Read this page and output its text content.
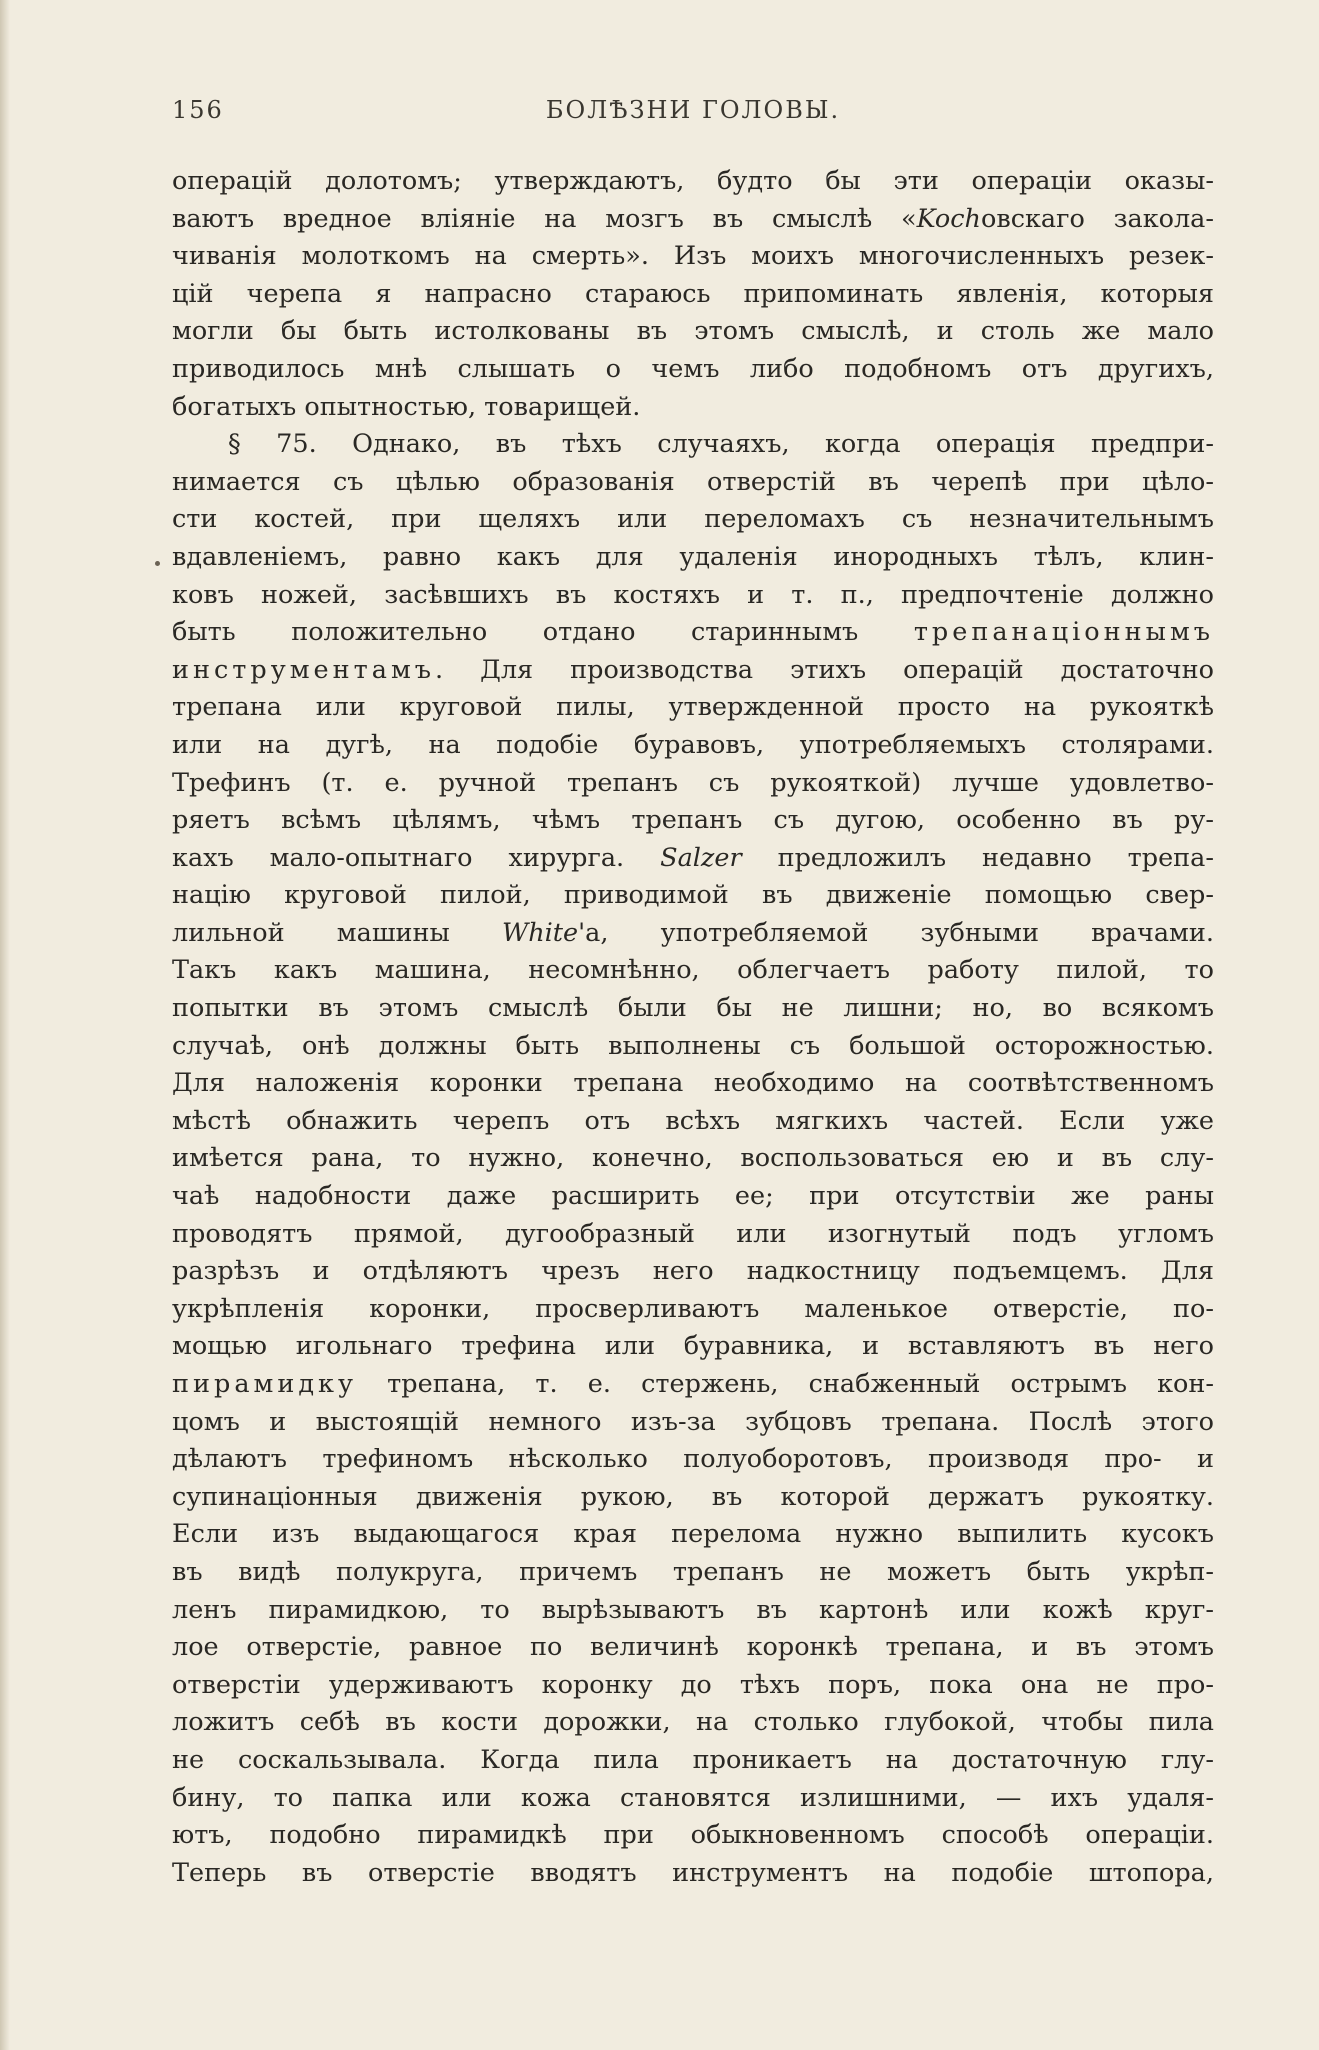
156	БОЛѢЗНИ ГОЛОВЫ.
операцій долотомъ; утверждаютъ, будто бы эти операціи оказы-
ваютъ вредное вліяніе на мозгъ въ смыслѣ «Kochовскаго закола-
чиванія молоткомъ на смерть». Изъ моихъ многочисленныхъ резек-
цій черепа я напрасно стараюсь припоминать явленія, которыя
могли бы быть истолкованы въ этомъ смыслѣ, и столь же мало
приводилось мнѣ слышать о чемъ либо подобномъ отъ другихъ,
богатыхъ опытностью, товарищей.
§ 75. Однако, въ тѣхъ случаяхъ, когда операція предпри-
нимается съ цѣлью образованія отверстій въ черепѣ при цѣло-
сти костей, при щеляхъ или переломахъ съ незначительнымъ
вдавленіемъ, равно какъ для удаленія инородныхъ тѣлъ, клин-
ковъ ножей, засѣвшихъ въ костяхъ и т. п., предпочтеніе должно
быть положительно отдано стариннымъ трепанаціоннымъ
инструментамъ. Для производства этихъ операцій достаточно
трепана или круговой пилы, утвержденной просто на рукояткѣ
или на дугѣ, на подобіе буравовъ, употребляемыхъ столярами.
Трефинъ (т. е. ручной трепанъ съ рукояткой) лучше удовлетво-
ряетъ всѣмъ цѣлямъ, чѣмъ трепанъ съ дугою, особенно въ ру-
кахъ мало-опытнаго хирурга. Salzer предложилъ недавно трепа-
націю круговой пилой, приводимой въ движеніе помощью свер-
лильной машины White'а, употребляемой зубными врачами.
Такъ какъ машина, несомнѣнно, облегчаетъ работу пилой, то
попытки въ этомъ смыслѣ были бы не лишни; но, во всякомъ
случаѣ, онѣ должны быть выполнены съ большой осторожностью.
Для наложенія коронки трепана необходимо на соотвѣтственномъ
мѣстѣ обнажить черепъ отъ всѣхъ мягкихъ частей. Если уже
имѣется рана, то нужно, конечно, воспользоваться ею и въ слу-
чаѣ надобности даже расширить ее; при отсутствіи же раны
проводятъ прямой, дугообразный или изогнутый подъ угломъ
разрѣзъ и отдѣляютъ чрезъ него надкостницу подъемцемъ. Для
укрѣпленія коронки, просверливаютъ маленькое отверстіе, по-
мощью игольнаго трефина или буравника, и вставляютъ въ него
пирамидку трепана, т. е. стержень, снабженный острымъ кон-
цомъ и выстоящій немного изъ-за зубцовъ трепана. Послѣ этого
дѣлаютъ трефиномъ нѣсколько полуоборотовъ, производя про- и
супинаціонныя движенія рукою, въ которой держатъ рукоятку.
Если изъ выдающагося края перелома нужно выпилить кусокъ
въ видѣ полукруга, причемъ трепанъ не можетъ быть укрѣп-
ленъ пирамидкою, то вырѣзываютъ въ картонѣ или кожѣ круг-
лое отверстіе, равное по величинѣ коронкѣ трепана, и въ этомъ
отверстіи удерживаютъ коронку до тѣхъ поръ, пока она не про-
ложитъ себѣ въ кости дорожки, на столько глубокой, чтобы пила
не соскальзывала. Когда пила проникаетъ на достаточную глу-
бину, то папка или кожа становятся излишними, — ихъ удаля-
ютъ, подобно пирамидкѣ при обыкновенномъ способѣ операціи.
Теперь въ отверстіе вводятъ инструментъ на подобіе штопора,
